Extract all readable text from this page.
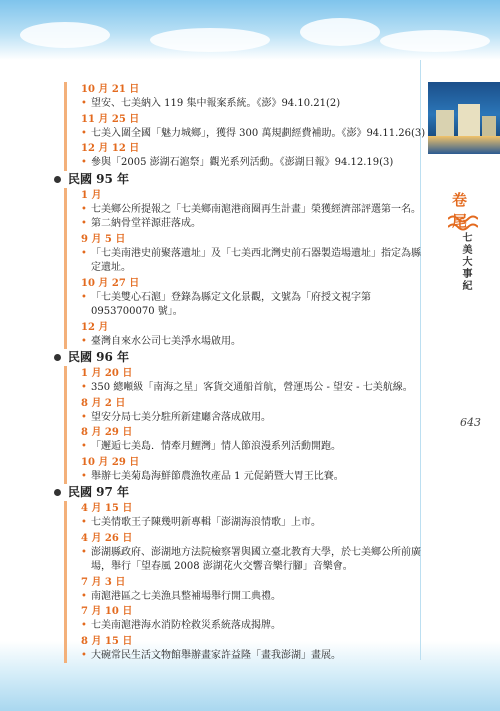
卷尾
七美大事紀
643
10 月 21 日
• 望安、七美納入 119 集中報案系統。《澎》94.10.21(2)
11 月 25 日
• 七美入圍全國「魅力城鄉」，獲得 300 萬規劃經費補助。《澎》94.11.26(3)
12 月 12 日
• 參與「2005 澎湖石滬祭」觀光系列活動。《澎湖日報》94.12.19(3)
民國 95 年
1 月
• 七美鄉公所提報之「七美鄉南滬港商圈再生計畫」榮獲經濟部評選第一名。
• 第二納骨堂祥源莊落成。
9 月 5 日
• 「七美南港史前聚落遺址」及「七美西北灣史前石器製造場遺址」指定為縣定遺址。
10 月 27 日
• 「七美雙心石滬」登錄為縣定文化景觀，文號為「府授文視字第 0953700070 號」。
12 月
• 臺灣自來水公司七美淨水場啟用。
民國 96 年
1 月 20 日
• 350 總噸級「南海之星」客貨交通船首航，營運馬公 - 望安 - 七美航線。
8 月 2 日
• 望安分局七美分駐所新建廳舍落成啟用。
8 月 29 日
• 「邂逅七美島．情牽月鯉灣」情人節浪漫系列活動開跑。
10 月 29 日
• 舉辦七美菊島海鮮節農漁牧產品 1 元促銷暨大胃王比賽。
民國 97 年
4 月 15 日
• 七美情歌王子陳幾明新專輯「澎湖海浪情歌」上市。
4 月 26 日
• 澎湖縣政府、澎湖地方法院檢察署與國立臺北教育大學，於七美鄉公所前廣場，舉行「望春風 2008 澎湖花火交響音樂行腳」音樂會。
7 月 3 日
• 南滬港區之七美漁具整補場舉行開工典禮。
7 月 10 日
• 七美南滬港海水消防栓救災系統落成揭牌。
8 月 15 日
• 大碗常民生活文物館舉辦畫家許益隆「畫我澎湖」畫展。
